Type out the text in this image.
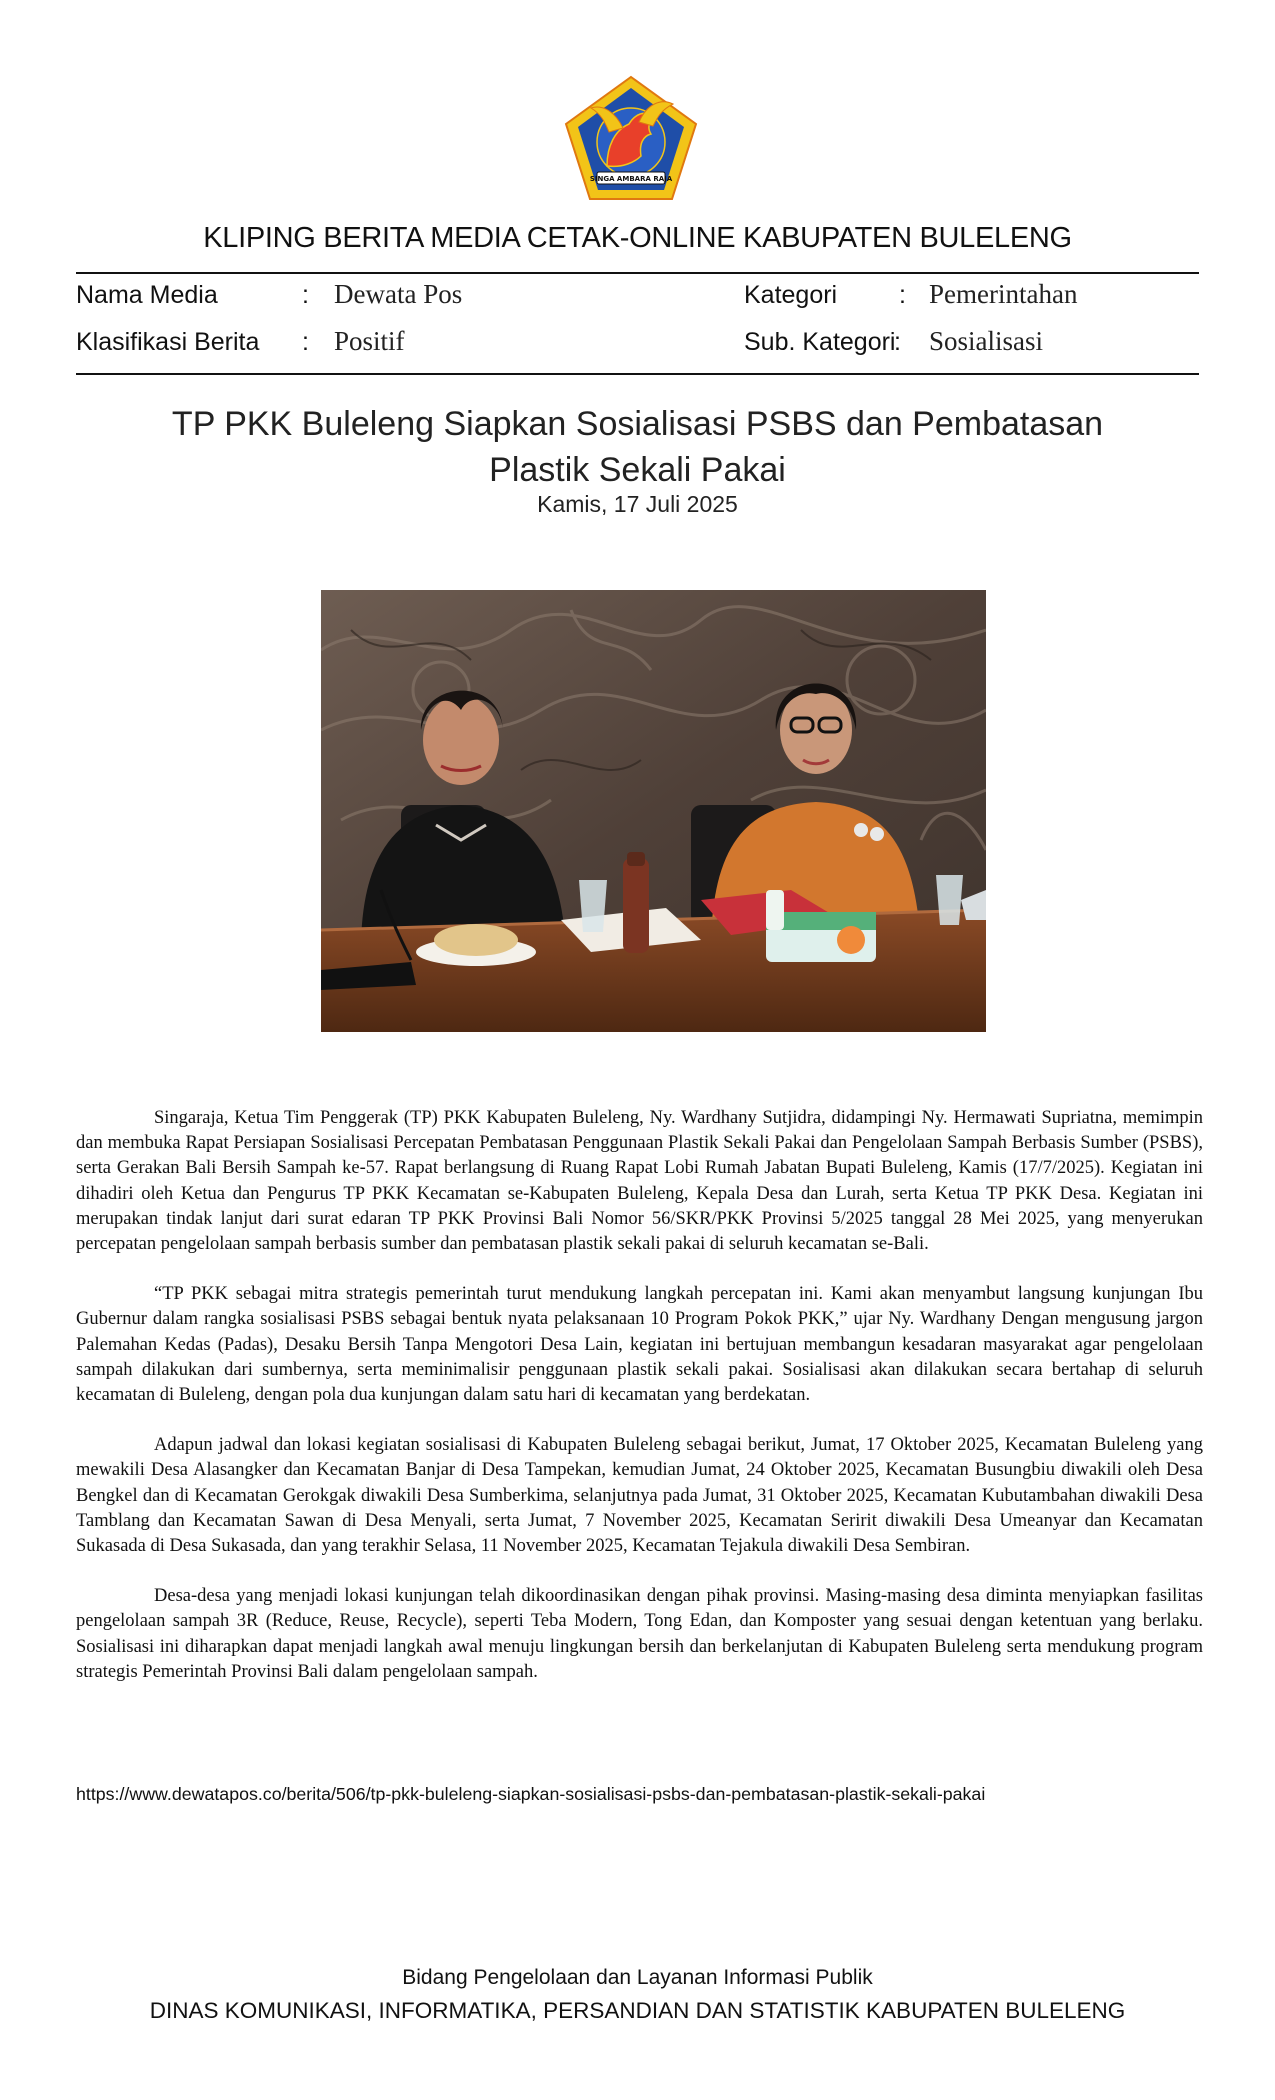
SINGA AMBARA RAJA
KLIPING BERITA MEDIA CETAK-ONLINE KABUPATEN BULELENG
Nama Media	: Dewata Pos
Klasifikasi Berita : Positif
Kategori : Pemerintahan
Sub. Kategori
: Sosialisasi
TP PKK Buleleng Siapkan Sosialisasi PSBS dan Pembatasan
Plastik Sekali Pakai
Kamis, 17 Juli 2025

Singaraja, Ketua Tim Penggerak (TP) PKK Kabupaten Buleleng, Ny. Wardhany Sutjidra, didampingi Ny. Hermawati Supriatna, memimpin dan membuka Rapat Persiapan Sosialisasi Percepatan Pembatasan Penggunaan Plastik Sekali Pakai dan Pengelolaan Sampah Berbasis Sumber (PSBS), serta Gerakan Bali Bersih Sampah ke-57. Rapat berlangsung di Ruang Rapat Lobi Rumah Jabatan Bupati Buleleng, Kamis (17/7/2025). Kegiatan ini dihadiri oleh Ketua dan Pengurus TP PKK Kecamatan se-Kabupaten Buleleng, Kepala Desa dan Lurah, serta Ketua TP PKK Desa. Kegiatan ini merupakan tindak lanjut dari surat edaran TP PKK Provinsi Bali Nomor 56/SKR/PKK Provinsi 5/2025 tanggal 28 Mei 2025, yang menyerukan percepatan pengelolaan sampah berbasis sumber dan pembatasan plastik sekali pakai di seluruh kecamatan se-Bali.

“TP PKK sebagai mitra strategis pemerintah turut mendukung langkah percepatan ini. Kami akan menyambut langsung kunjungan Ibu Gubernur dalam rangka sosialisasi PSBS sebagai bentuk nyata pelaksanaan 10 Program Pokok PKK,” ujar Ny. Wardhany Dengan mengusung jargon Palemahan Kedas (Padas), Desaku Bersih Tanpa Mengotori Desa Lain, kegiatan ini bertujuan membangun kesadaran masyarakat agar pengelolaan sampah dilakukan dari sumbernya, serta meminimalisir penggunaan plastik sekali pakai. Sosialisasi akan dilakukan secara bertahap di seluruh kecamatan di Buleleng, dengan pola dua kunjungan dalam satu hari di kecamatan yang berdekatan.

Adapun jadwal dan lokasi kegiatan sosialisasi di Kabupaten Buleleng sebagai berikut, Jumat, 17 Oktober 2025, Kecamatan Buleleng yang mewakili Desa Alasangker dan Kecamatan Banjar di Desa Tampekan, kemudian Jumat, 24 Oktober 2025, Kecamatan Busungbiu diwakili oleh Desa Bengkel dan di Kecamatan Gerokgak diwakili Desa Sumberkima, selanjutnya pada Jumat, 31 Oktober 2025, Kecamatan Kubutambahan diwakili Desa Tamblang dan Kecamatan Sawan di Desa Menyali, serta Jumat, 7 November 2025, Kecamatan Seririt diwakili Desa Umeanyar dan Kecamatan Sukasada di Desa Sukasada, dan yang terakhir Selasa, 11 November 2025, Kecamatan Tejakula diwakili Desa Sembiran.

Desa-desa yang menjadi lokasi kunjungan telah dikoordinasikan dengan pihak provinsi. Masing-masing desa diminta menyiapkan fasilitas pengelolaan sampah 3R (Reduce, Reuse, Recycle), seperti Teba Modern, Tong Edan, dan Komposter yang sesuai dengan ketentuan yang berlaku. Sosialisasi ini diharapkan dapat menjadi langkah awal menuju lingkungan bersih dan berkelanjutan di Kabupaten Buleleng serta mendukung program strategis Pemerintah Provinsi Bali dalam pengelolaan sampah.

https://www.dewatapos.co/berita/506/tp-pkk-buleleng-siapkan-sosialisasi-psbs-dan-pembatasan-plastik-sekali-pakai
Bidang Pengelolaan dan Layanan Informasi Publik
DINAS KOMUNIKASI, INFORMATIKA, PERSANDIAN DAN STATISTIK KABUPATEN BULELENG
